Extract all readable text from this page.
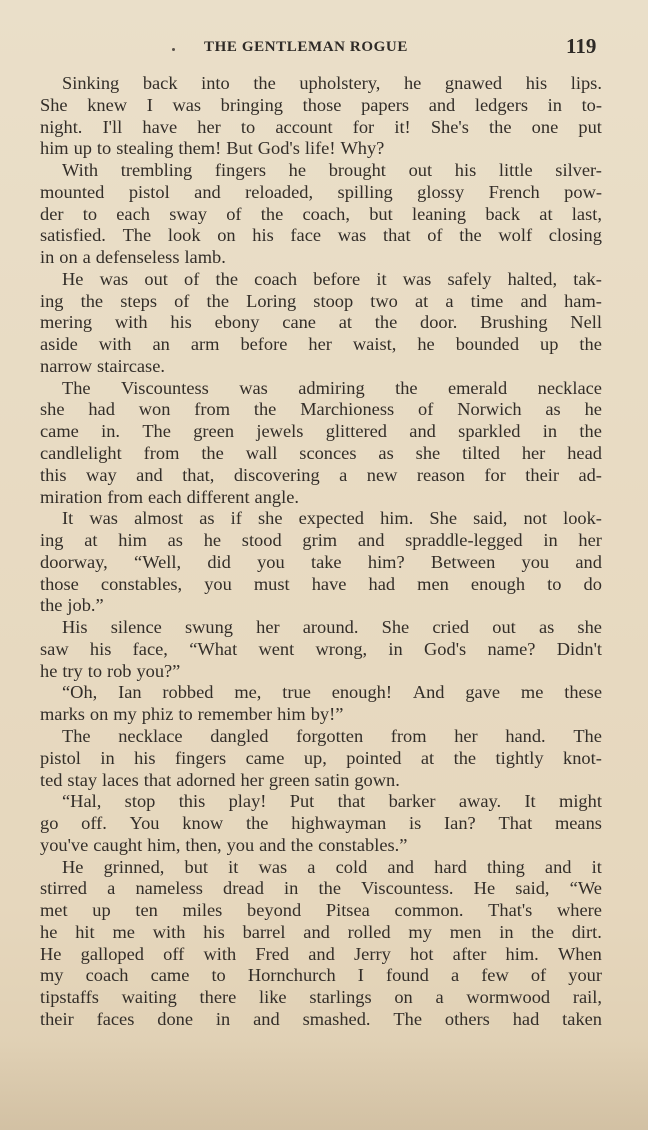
THE GENTLEMAN ROGUE	119
Sinking back into the upholstery, he gnawed his lips.
She knew I was bringing those papers and ledgers in to-
night. I'll have her to account for it! She's the one put
him up to stealing them! But God's life! Why?
With trembling fingers he brought out his little silver-
mounted pistol and reloaded, spilling glossy French pow-
der to each sway of the coach, but leaning back at last,
satisfied. The look on his face was that of the wolf closing
in on a defenseless lamb.
He was out of the coach before it was safely halted, tak-
ing the steps of the Loring stoop two at a time and ham-
mering with his ebony cane at the door. Brushing Nell
aside with an arm before her waist, he bounded up the
narrow staircase.
The Viscountess was admiring the emerald necklace
she had won from the Marchioness of Norwich as he
came in. The green jewels glittered and sparkled in the
candlelight from the wall sconces as she tilted her head
this way and that, discovering a new reason for their ad-
miration from each different angle.
It was almost as if she expected him. She said, not look-
ing at him as he stood grim and spraddle-legged in her
doorway, “Well, did you take him? Between you and
those constables, you must have had men enough to do
the job.”
His silence swung her around. She cried out as she
saw his face, “What went wrong, in God's name? Didn't
he try to rob you?”
“Oh, Ian robbed me, true enough! And gave me these
marks on my phiz to remember him by!”
The necklace dangled forgotten from her hand. The
pistol in his fingers came up, pointed at the tightly knot-
ted stay laces that adorned her green satin gown.
“Hal, stop this play! Put that barker away. It might
go off. You know the highwayman is Ian? That means
you've caught him, then, you and the constables.”
He grinned, but it was a cold and hard thing and it
stirred a nameless dread in the Viscountess. He said, “We
met up ten miles beyond Pitsea common. That's where
he hit me with his barrel and rolled my men in the dirt.
He galloped off with Fred and Jerry hot after him. When
my coach came to Hornchurch I found a few of your
tipstaffs waiting there like starlings on a wormwood rail,
their faces done in and smashed. The others had taken
